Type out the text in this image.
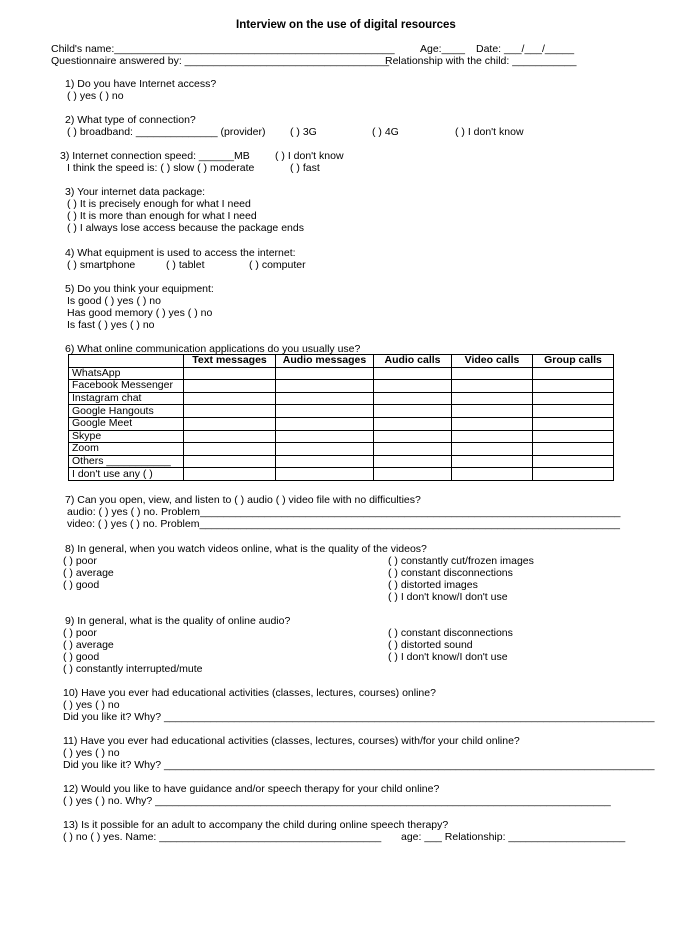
Interview on the use of digital resources
Child's name:________________________________________________ Age:____ Date: ___/___/_____
Questionnaire answered by: ___________________________________
Relationship with the child: ___________
1) Do you have Internet access?
( ) yes ( ) no
2) What type of connection?
( ) broadband: ______________ (provider) ( ) 3G	( ) 4G	( ) I don't know
3) Internet connection speed: ______MB ( ) I don't know
I think the speed is: ( ) slow ( ) moderate	( ) fast
3) Your internet data package:
( ) It is precisely enough for what I need
( ) It is more than enough for what I need
( ) I always lose access because the package ends
4) What equipment is used to access the internet:
( ) smartphone	( ) tablet	( ) computer
5) Do you think your equipment:
Is good ( ) yes ( ) no
Has good memory ( ) yes ( ) no
Is fast ( ) yes ( ) no
6) What online communication applications do you usually use?
	Text messages	Audio messages	Audio calls	Video calls	Group calls
WhatsApp					
Facebook Messenger					
Instagram chat					
Google Hangouts					
Google Meet					
Skype					
Zoom					
Others ___________					
I don't use any ( )					
7) Can you open, view, and listen to ( ) audio ( ) video file with no difficulties?
audio: ( ) yes ( ) no. Problem________________________________________________________________________
video: ( ) yes ( ) no. Problem________________________________________________________________________
8) In general, when you watch videos online, what is the quality of the videos?
( ) poor
( ) average
( ) good
( ) constantly cut/frozen images
( ) constant disconnections
( ) distorted images
( ) I don't know/I don't use
9) In general, what is the quality of online audio?
( ) poor
( ) average
( ) good
( ) constantly interrupted/mute
( ) constant disconnections
( ) distorted sound
( ) I don't know/I don't use
10) Have you ever had educational activities (classes, lectures, courses) online?
( ) yes ( ) no
Did you like it? Why? ____________________________________________________________________________________
11) Have you ever had educational activities (classes, lectures, courses) with/for your child online?
( ) yes ( ) no
Did you like it? Why? ____________________________________________________________________________________
12) Would you like to have guidance and/or speech therapy for your child online?
( ) yes ( ) no. Why? ______________________________________________________________________________
13) Is it possible for an adult to accompany the child during online speech therapy?
( ) no ( ) yes. Name: ______________________________________ age: ___ Relationship: ____________________
